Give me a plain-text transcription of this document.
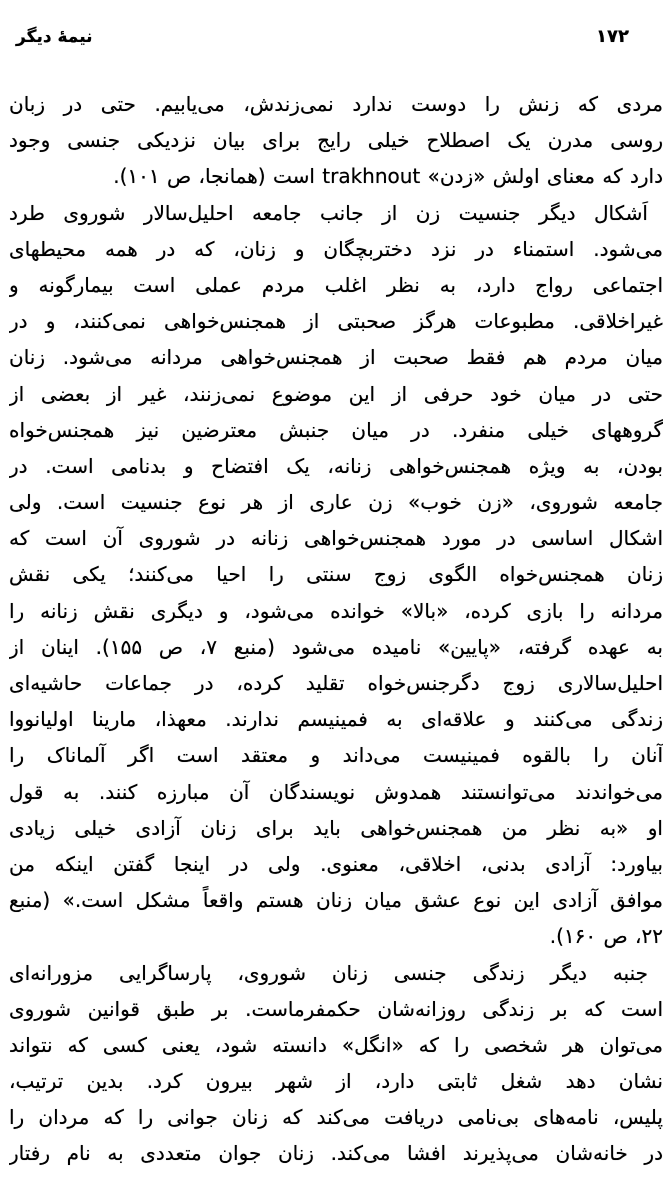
۱۷۲
نیمهٔ دیگر
مردی که زنش را دوست ندارد نمی‌زندش، می‌یابیم. حتی در زبان
روسی مدرن یک اصطلاح خیلی رایج برای بیان نزدیکی جنسی وجود
دارد که معنای اولش «زدن» trakhnout است (همانجا، ص ۱۰۱).
اَشکال دیگر جنسیت زن از جانب جامعه احلیل‌سالار شوروی طرد
می‌شود. استمناء در نزد دختربچگان و زنان، که در همه محیطهای
اجتماعی رواج دارد، به نظر اغلب مردم عملی است بیمارگونه و
غیراخلاقی. مطبوعات هرگز صحبتی از همجنس‌خواهی نمی‌کنند، و در
میان مردم هم فقط صحبت از همجنس‌خواهی مردانه می‌شود. زنان
حتی در میان خود حرفی از این موضوع نمی‌زنند، غیر از بعضی از
گروههای خیلی منفرد. در میان جنبش معترضین نیز همجنس‌خواه
بودن، به ویژه همجنس‌خواهی زنانه، یک افتضاح و بدنامی است. در
جامعه شوروی، «زن خوب» زن عاری از هر نوع جنسیت است. ولی
اشکال اساسی در مورد همجنس‌خواهی زنانه در شوروی آن است که
زنان همجنس‌خواه الگوی زوج سنتی را احیا می‌کنند؛ یکی نقش
مردانه را بازی کرده، «بالا» خوانده می‌شود، و دیگری نقش زنانه را
به عهده گرفته، «پایین» نامیده می‌شود (منبع ۷، ص ۱۵۵). اینان از
احلیل‌سالاری زوج دگرجنس‌خواه تقلید کرده، در جماعات حاشیه‌ای
زندگی می‌کنند و علاقه‌ای به فمینیسم ندارند. معهذا، مارینا اولیانووا
آنان را بالقوه فمینیست می‌داند و معتقد است اگر آلماناک را
می‌خواندند می‌توانستند همدوش نویسندگان آن مبارزه کنند. به قول
او «به نظر من همجنس‌خواهی باید برای زنان آزادی خیلی زیادی
بیاورد: آزادی بدنی، اخلاقی، معنوی. ولی در اینجا گفتن اینکه من
موافق آزادی این نوع عشق میان زنان هستم واقعاً مشکل است.» (منبع
۲۲، ص ۱۶۰).
جنبه دیگر زندگی جنسی زنان شوروی، پارساگرایی مزورانه‌ای
است که بر زندگی روزانه‌شان حکمفرماست. بر طبق قوانین شوروی
می‌توان هر شخصی را که «انگل» دانسته شود، یعنی کسی که نتواند
نشان دهد شغل ثابتی دارد، از شهر بیرون کرد. بدین ترتیب،
پلیس، نامه‌های بی‌نامی دریافت می‌کند که زنان جوانی را که مردان را
در خانه‌شان می‌پذیرند افشا می‌کند. زنان جوان متعددی به نام رفتار
